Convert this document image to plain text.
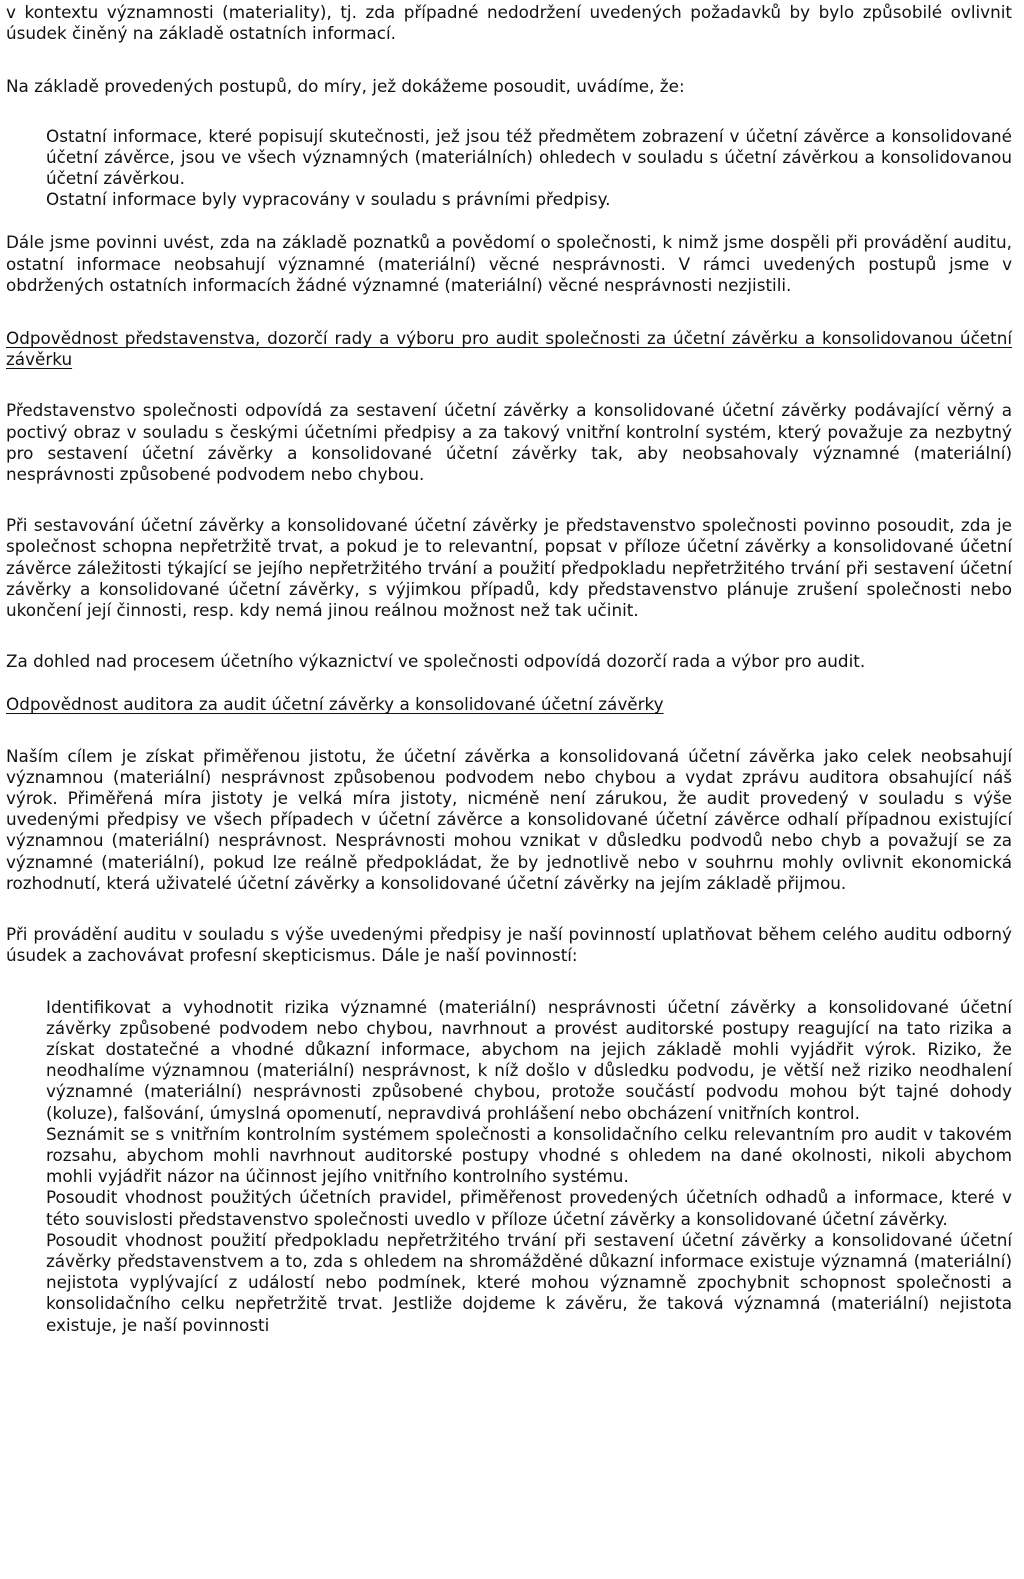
v kontextu významnosti (materiality), tj. zda případné nedodržení uvedených požadavků by bylo způsobilé ovlivnit úsudek činěný na základě ostatních informací.

Na základě provedených postupů, do míry, jež dokážeme posoudit, uvádíme, že:

Ostatní informace, které popisují skutečnosti, jež jsou též předmětem zobrazení v účetní závěrce a konsolidované účetní závěrce, jsou ve všech významných (materiálních) ohledech v souladu s účetní závěrkou a konsolidovanou účetní závěrkou.

Ostatní informace byly vypracovány v souladu s právními předpisy.

Dále jsme povinni uvést, zda na základě poznatků a povědomí o společnosti, k nimž jsme dospěli při provádění auditu, ostatní informace neobsahují významné (materiální) věcné nesprávnosti. V rámci uvedených postupů jsme v obdržených ostatních informacích žádné významné (materiální) věcné nesprávnosti nezjistili.

Odpovědnost představenstva, dozorčí rady a výboru pro audit společnosti za účetní závěrku a konsolidovanou účetní závěrku

Představenstvo společnosti odpovídá za sestavení účetní závěrky a konsolidované účetní závěrky podávající věrný a poctivý obraz v souladu s českými účetními předpisy a za takový vnitřní kontrolní systém, který považuje za nezbytný pro sestavení účetní závěrky a konsolidované účetní závěrky tak, aby neobsahovaly významné (materiální) nesprávnosti způsobené podvodem nebo chybou.

Při sestavování účetní závěrky a konsolidované účetní závěrky je představenstvo společnosti povinno posoudit, zda je společnost schopna nepřetržitě trvat, a pokud je to relevantní, popsat v příloze účetní závěrky a konsolidované účetní závěrce záležitosti týkající se jejího nepřetržitého trvání a použití předpokladu nepřetržitého trvání při sestavení účetní závěrky a konsolidované účetní závěrky, s výjimkou případů, kdy představenstvo plánuje zrušení společnosti nebo ukončení její činnosti, resp. kdy nemá jinou reálnou možnost než tak učinit.

Za dohled nad procesem účetního výkaznictví ve společnosti odpovídá dozorčí rada a výbor pro audit.

Odpovědnost auditora za audit účetní závěrky a konsolidované účetní závěrky

Naším cílem je získat přiměřenou jistotu, že účetní závěrka a konsolidovaná účetní závěrka jako celek neobsahují významnou (materiální) nesprávnost způsobenou podvodem nebo chybou a vydat zprávu auditora obsahující náš výrok. Přiměřená míra jistoty je velká míra jistoty, nicméně není zárukou, že audit provedený v souladu s výše uvedenými předpisy ve všech případech v účetní závěrce a konsolidované účetní závěrce odhalí případnou existující významnou (materiální) nesprávnost. Nesprávnosti mohou vznikat v důsledku podvodů nebo chyb a považují se za významné (materiální), pokud lze reálně předpokládat, že by jednotlivě nebo v souhrnu mohly ovlivnit ekonomická rozhodnutí, která uživatelé účetní závěrky a konsolidované účetní závěrky na jejím základě přijmou.

Při provádění auditu v souladu s výše uvedenými předpisy je naší povinností uplatňovat během celého auditu odborný úsudek a zachovávat profesní skepticismus. Dále je naší povinností:

Identifikovat a vyhodnotit rizika významné (materiální) nesprávnosti účetní závěrky a konsolidované účetní závěrky způsobené podvodem nebo chybou, navrhnout a provést auditorské postupy reagující na tato rizika a získat dostatečné a vhodné důkazní informace, abychom na jejich základě mohli vyjádřit výrok. Riziko, že neodhalíme významnou (materiální) nesprávnost, k níž došlo v důsledku podvodu, je větší než riziko neodhalení významné (materiální) nesprávnosti způsobené chybou, protože součástí podvodu mohou být tajné dohody (koluze), falšování, úmyslná opomenutí, nepravdivá prohlášení nebo obcházení vnitřních kontrol.
Seznámit se s vnitřním kontrolním systémem společnosti a konsolidačního celku relevantním pro audit v takovém rozsahu, abychom mohli navrhnout auditorské postupy vhodné s ohledem na dané okolnosti, nikoli abychom mohli vyjádřit názor na účinnost jejího vnitřního kontrolního systému.
Posoudit vhodnost použitých účetních pravidel, přiměřenost provedených účetních odhadů a informace, které v této souvislosti představenstvo společnosti uvedlo v příloze účetní závěrky a konsolidované účetní závěrky.
Posoudit vhodnost použití předpokladu nepřetržitého trvání při sestavení účetní závěrky a konsolidované účetní závěrky představenstvem a to, zda s ohledem na shromážděné důkazní informace existuje významná (materiální) nejistota vyplývající z událostí nebo podmínek, které mohou významně zpochybnit schopnost společnosti a konsolidačního celku nepřetržitě trvat. Jestliže dojdeme k závěru, že taková významná (materiální) nejistota existuje, je naší povinnosti
